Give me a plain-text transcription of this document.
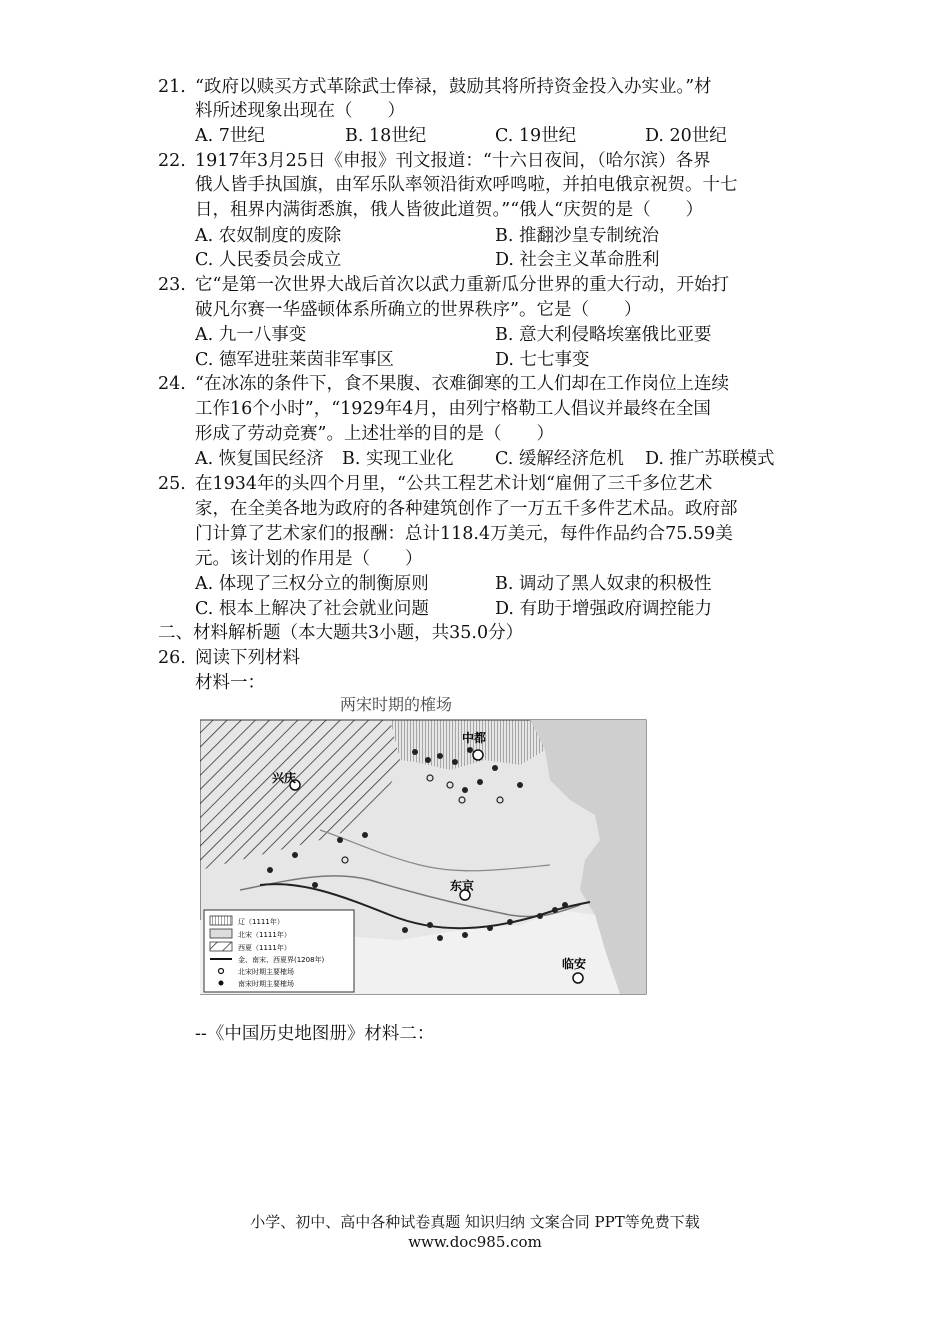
21. “政府以赎买方式革除武士俸禄，鼓励其将所持资金投入办实业。”材
料所述现象出现在（　　）
A. 7世纪	B. 18世纪	C. 19世纪	D. 20世纪
22. 1917年3月25日《申报》刊文报道：“十六日夜间，（哈尔滨）各界
俄人皆手执国旗，由军乐队率领沿街欢呼鸣啦，并拍电俄京祝贺。十七
日，租界内满街悉旗，俄人皆彼此道贺。”“俄人“庆贺的是（　　）
A. 农奴制度的废除	B. 推翻沙皇专制统治
C. 人民委员会成立	D. 社会主义革命胜利
23. 它“是第一次世界大战后首次以武力重新瓜分世界的重大行动，开始打
破凡尔赛一华盛顿体系所确立的世界秩序”。它是（　　）
A. 九一八事变	B. 意大利侵略埃塞俄比亚要
C. 德军进驻莱茵非军事区	D. 七七事变
24. “在冰冻的条件下，食不果腹、衣难御寒的工人们却在工作岗位上连续
工作16个小时”，“1929年4月，由列宁格勒工人倡议并最终在全国
形成了劳动竞赛”。上述壮举的目的是（　　）
A. 恢复国民经济 B. 实现工业化 C. 缓解经济危机 D. 推广苏联模式
25. 在1934年的头四个月里，“公共工程艺术计划“雇佣了三千多位艺术
家，在全美各地为政府的各种建筑创作了一万五千多件艺术品。政府部
门计算了艺术家们的报酬：总计118.4万美元，每件作品约合75.59美
元。该计划的作用是（　　）
A. 体现了三权分立的制衡原则	B. 调动了黑人奴隶的积极性
C. 根本上解决了社会就业问题	D. 有助于增强政府调控能力
二、材料解析题（本大题共3小题，共35.0分）
26. 阅读下列材料
材料一：
两宋时期的榷场
兴庆
中都
东京
临安
辽（1111年）
北宋（1111年）
西夏（1111年）
金、南宋、西夏界(1208年)
北宋时期主要榷场
南宋时期主要榷场
--《中国历史地图册》材料二：
小学、初中、高中各种试卷真题 知识归纳 文案合同 PPT等免费下载
www.doc985.com
